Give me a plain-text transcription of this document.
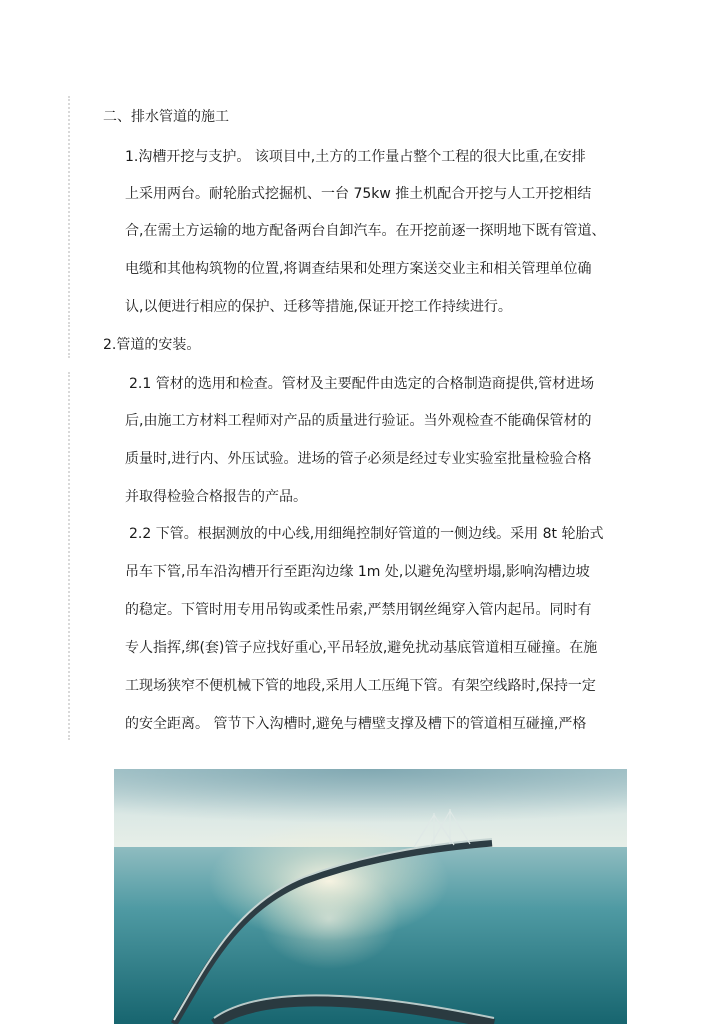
二、排水管道的施工
1.沟槽开挖与支护。 该项目中,土方的工作量占整个工程的很大比重,在安排
上采用两台。耐轮胎式挖掘机、一台 75kw 推土机配合开挖与人工开挖相结
合,在需土方运输的地方配备两台自卸汽车。在开挖前逐一探明地下既有管道、
电缆和其他构筑物的位置,将调查结果和处理方案送交业主和相关管理单位确
认,以便进行相应的保护、迁移等措施,保证开挖工作持续进行。
2.管道的安装。
2.1 管材的选用和检查。管材及主要配件由选定的合格制造商提供,管材进场
后,由施工方材料工程师对产品的质量进行验证。当外观检查不能确保管材的
质量时,进行内、外压试验。进场的管子必须是经过专业实验室批量检验合格
并取得检验合格报告的产品。
2.2 下管。根据测放的中心线,用细绳控制好管道的一侧边线。采用 8t 轮胎式
吊车下管,吊车沿沟槽开行至距沟边缘 1m 处,以避免沟壁坍塌,影响沟槽边坡
的稳定。下管时用专用吊钩或柔性吊索,严禁用钢丝绳穿入管内起吊。同时有
专人指挥,绑(套)管子应找好重心,平吊轻放,避免扰动基底管道相互碰撞。在施
工现场狭窄不便机械下管的地段,采用人工压绳下管。有架空线路时,保持一定
的安全距离。 管节下入沟槽时,避免与槽壁支撑及槽下的管道相互碰撞,严格
